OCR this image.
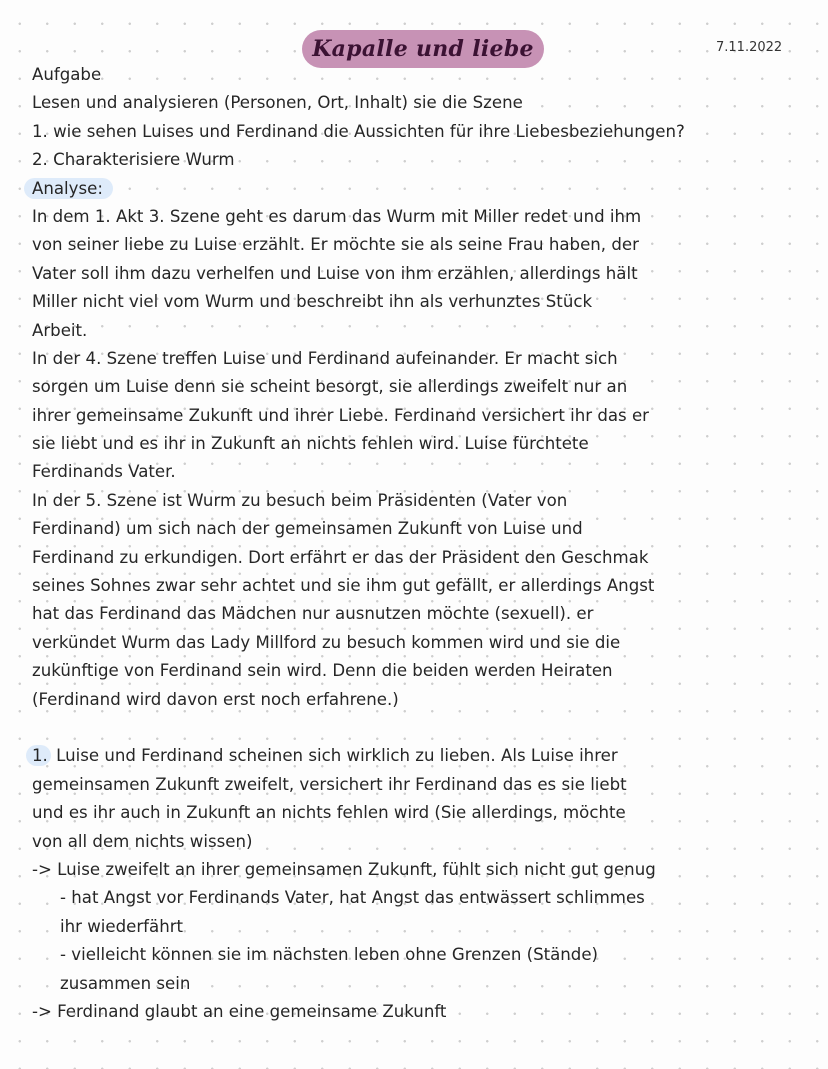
Kapalle und liebe	7.11.2022
Aufgabe
Lesen und analysieren (Personen, Ort, Inhalt) sie die Szene
1. wie sehen Luises und Ferdinand die Aussichten für ihre Liebesbeziehungen?
2. Charakterisiere Wurm
Analyse:
In dem 1. Akt 3. Szene geht es darum das Wurm mit Miller redet und ihm
von seiner liebe zu Luise erzählt. Er möchte sie als seine Frau haben, der
Vater soll ihm dazu verhelfen und Luise von ihm erzählen, allerdings hält
Miller nicht viel vom Wurm und beschreibt ihn als verhunztes Stück
Arbeit.
In der 4. Szene treffen Luise und Ferdinand aufeinander. Er macht sich
sorgen um Luise denn sie scheint besorgt, sie allerdings zweifelt nur an
ihrer gemeinsame Zukunft und ihrer Liebe. Ferdinand versichert ihr das er
sie liebt und es ihr in Zukunft an nichts fehlen wird. Luise fürchtete
Ferdinands Vater.
In der 5. Szene ist Wurm zu besuch beim Präsidenten (Vater von
Ferdinand) um sich nach der gemeinsamen Zukunft von Luise und
Ferdinand zu erkundigen. Dort erfährt er das der Präsident den Geschmak
seines Sohnes zwar sehr achtet und sie ihm gut gefällt, er allerdings Angst
hat das Ferdinand das Mädchen nur ausnutzen möchte (sexuell). er
verkündet Wurm das Lady Millford zu besuch kommen wird und sie die
zukünftige von Ferdinand sein wird. Denn die beiden werden Heiraten
(Ferdinand wird davon erst noch erfahrene.)
1. Luise und Ferdinand scheinen sich wirklich zu lieben. Als Luise ihrer
gemeinsamen Zukunft zweifelt, versichert ihr Ferdinand das es sie liebt
und es ihr auch in Zukunft an nichts fehlen wird (Sie allerdings, möchte
von all dem nichts wissen)
-> Luise zweifelt an ihrer gemeinsamen Zukunft, fühlt sich nicht gut genug
- hat Angst vor Ferdinands Vater, hat Angst das entwässert schlimmes
ihr wiederfährt
- vielleicht können sie im nächsten leben ohne Grenzen (Stände)
zusammen sein
-> Ferdinand glaubt an eine gemeinsame Zukunft
